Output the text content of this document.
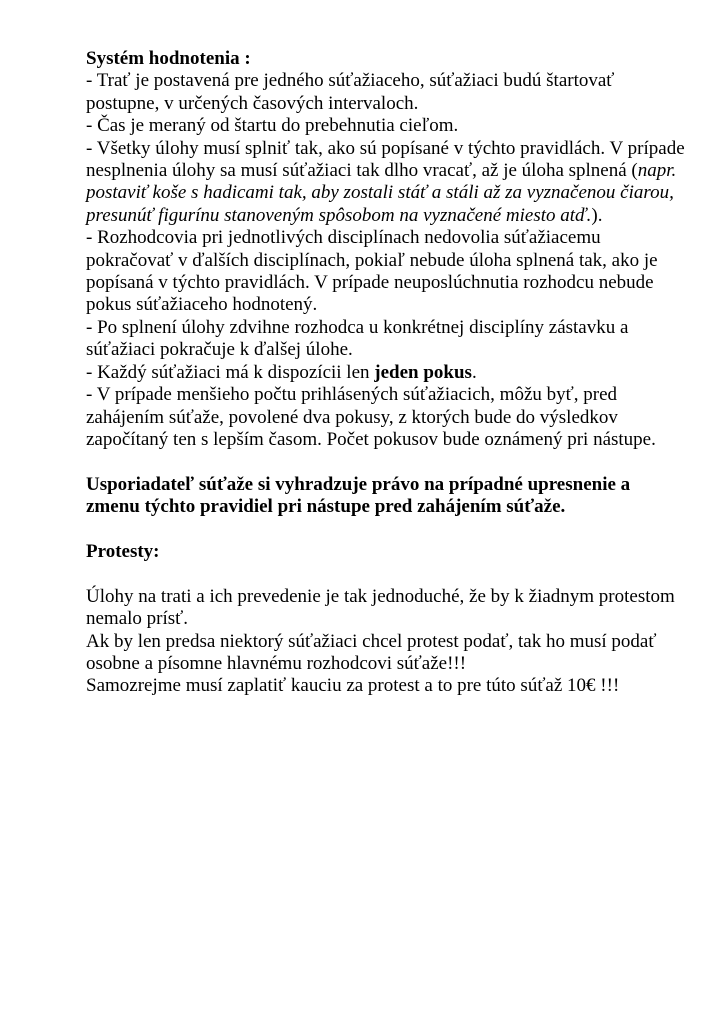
Systém hodnotenia :

- Trať je postavená pre jedného súťažiaceho, súťažiaci budú štartovať postupne, v určených časových intervaloch.

- Čas je meraný od štartu do prebehnutia cieľom.

- Všetky úlohy musí splniť tak, ako sú popísané v týchto pravidlách. V prípade nesplnenia úlohy sa musí súťažiaci tak dlho vracať, až je úloha splnená (napr. postaviť koše s hadicami tak, aby zostali stáť a stáli až za vyznačenou čiarou, presunúť figurínu stanoveným spôsobom na vyznačené miesto atď.).

- Rozhodcovia pri jednotlivých disciplínach nedovolia súťažiacemu pokračovať v ďalších disciplínach, pokiaľ nebude úloha splnená tak, ako je popísaná v týchto pravidlách. V prípade neuposlúchnutia rozhodcu nebude pokus súťažiaceho hodnotený.

- Po splnení úlohy zdvihne rozhodca u konkrétnej disciplíny zástavku a súťažiaci pokračuje k ďalšej úlohe.

- Každý súťažiaci má k dispozícii len jeden pokus.

- V prípade menšieho počtu prihlásených súťažiacich, môžu byť, pred zahájením súťaže, povolené dva pokusy, z ktorých bude do výsledkov započítaný ten s lepším časom. Počet pokusov bude oznámený pri nástupe.

Usporiadateľ súťaže si vyhradzuje právo na prípadné upresnenie a zmenu týchto pravidiel pri nástupe pred zahájením súťaže.

Protesty:

Úlohy na trati a ich prevedenie je tak jednoduché, že by k žiadnym protestom nemalo prísť.

Ak by len predsa niektorý súťažiaci chcel protest podať, tak ho musí podať osobne a písomne hlavnému rozhodcovi súťaže!!!

Samozrejme musí zaplatiť kauciu za protest a to pre túto súťaž 10€ !!!
